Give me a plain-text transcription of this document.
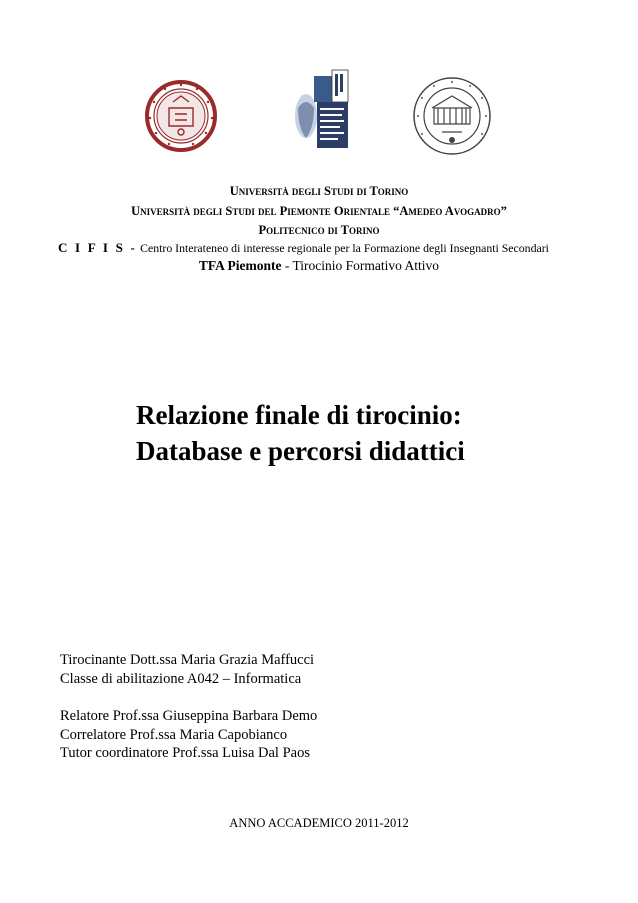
Università degli Studi di Torino
Università degli Studi del Piemonte Orientale “Amedeo Avogadro”
Politecnico di Torino
C I F I S - Centro Interateneo di interesse regionale per la Formazione degli Insegnanti Secondari
TFA Piemonte - Tirocinio Formativo Attivo
Relazione finale di tirocinio:
Database e percorsi didattici
Tirocinante Dott.ssa Maria Grazia Maffucci
Classe di abilitazione A042 – Informatica
Relatore Prof.ssa Giuseppina Barbara Demo
Correlatore Prof.ssa Maria Capobianco
Tutor coordinatore Prof.ssa Luisa Dal Paos
ANNO ACCADEMICO 2011-2012
